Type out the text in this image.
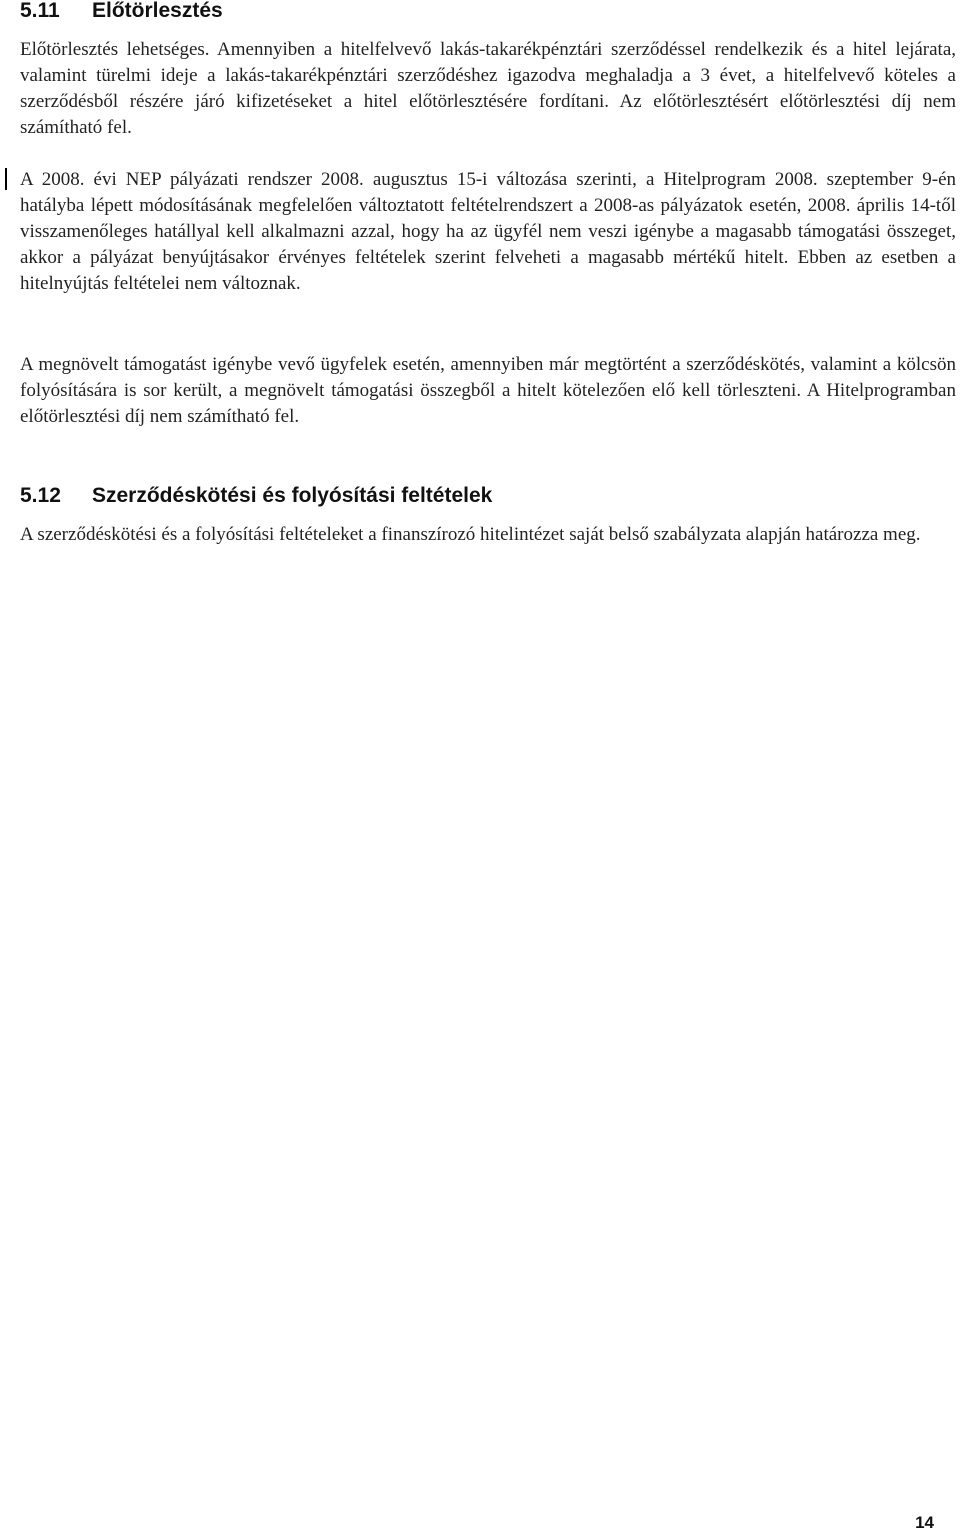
5.11 Előtörlesztés

Előtörlesztés lehetséges. Amennyiben a hitelfelvevő lakás-takarékpénztári szerződéssel rendelkezik és a hitel lejárata, valamint türelmi ideje a lakás-takarékpénztári szerződéshez igazodva meghaladja a 3 évet, a hitelfelvevő köteles a szerződésből részére járó kifizetéseket a hitel előtörlesztésére fordítani. Az előtörlesztésért előtörlesztési díj nem számítható fel.

A 2008. évi NEP pályázati rendszer 2008. augusztus 15-i változása szerinti, a Hitelprogram 2008. szeptember 9-én hatályba lépett módosításának megfelelően változtatott feltételrendszert a 2008-as pályázatok esetén, 2008. április 14-től visszamenőleges hatállyal kell alkalmazni azzal, hogy ha az ügyfél nem veszi igénybe a magasabb támogatási összeget, akkor a pályázat benyújtásakor érvényes feltételek szerint felveheti a magasabb mértékű hitelt. Ebben az esetben a hitelnyújtás feltételei nem változnak.

A megnövelt támogatást igénybe vevő ügyfelek esetén, amennyiben már megtörtént a szerződéskötés, valamint a kölcsön folyósítására is sor került, a megnövelt támogatási összegből a hitelt kötelezően elő kell törleszteni. A Hitelprogramban előtörlesztési díj nem számítható fel.

5.12 Szerződéskötési és folyósítási feltételek

A szerződéskötési és a folyósítási feltételeket a finanszírozó hitelintézet saját belső szabályzata alapján határozza meg.

14
